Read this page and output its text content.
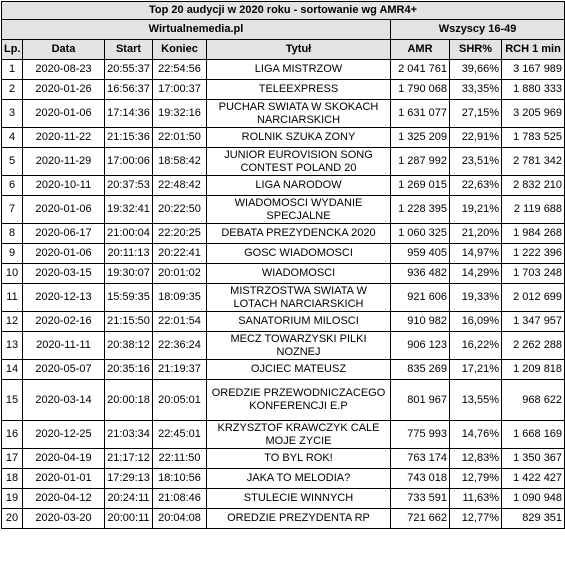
Top 20 audycji w 2020 roku - sortowanie wg AMR4+							
Wirtualnemedia.pl					Wszyscy 16-49		
Lp.	Data	Start	Koniec	Tytuł	AMR	SHR%	RCH 1 min
1	2020-08-23	20:55:37	22:54:56	LIGA MISTRZOW	2 041 761	39,66%	3 167 989
2	2020-01-26	16:56:37	17:00:37	TELEEXPRESS	1 790 068	33,35%	1 880 333
3	2020-01-06	17:14:36	19:32:16	PUCHAR SWIATA W SKOKACH NARCIARSKICH	1 631 077	27,15%	3 205 969
4	2020-11-22	21:15:36	22:01:50	ROLNIK SZUKA ZONY	1 325 209	22,91%	1 783 525
5	2020-11-29	17:00:06	18:58:42	JUNIOR EUROVISION SONG CONTEST POLAND 20	1 287 992	23,51%	2 781 342
6	2020-10-11	20:37:53	22:48:42	LIGA NARODOW	1 269 015	22,63%	2 832 210
7	2020-01-06	19:32:41	20:22:50	WIADOMOSCI WYDANIE SPECJALNE	1 228 395	19,21%	2 119 688
8	2020-06-17	21:00:04	22:20:25	DEBATA PREZYDENCKA 2020	1 060 325	21,20%	1 984 268
9	2020-01-06	20:11:13	20:22:41	GOSC WIADOMOSCI	959 405	14,97%	1 222 396
10	2020-03-15	19:30:07	20:01:02	WIADOMOSCI	936 482	14,29%	1 703 248
11	2020-12-13	15:59:35	18:09:35	MISTRZOSTWA SWIATA W LOTACH NARCIARSKICH	921 606	19,33%	2 012 699
12	2020-02-16	21:15:50	22:01:54	SANATORIUM MILOSCI	910 982	16,09%	1 347 957
13	2020-11-11	20:38:12	22:36:24	MECZ TOWARZYSKI PILKI NOZNEJ	906 123	16,22%	2 262 288
14	2020-05-07	20:35:16	21:19:37	OJCIEC MATEUSZ	835 269	17,21%	1 209 818
15	2020-03-14	20:00:18	20:05:01	OREDZIE PRZEWODNICZACEGO KONFERENCJI E.P	801 967	13,55%	968 622
16	2020-12-25	21:03:34	22:45:01	KRZYSZTOF KRAWCZYK CALE MOJE ZYCIE	775 993	14,76%	1 668 169
17	2020-04-19	21:17:12	22:11:50	TO BYL ROK!	763 174	12,83%	1 350 367
18	2020-01-01	17:29:13	18:10:56	JAKA TO MELODIA?	743 018	12,79%	1 422 427
19	2020-04-12	20:24:11	21:08:46	STULECIE WINNYCH	733 591	11,63%	1 090 948
20	2020-03-20	20:00:11	20:04:08	OREDZIE PREZYDENTA RP	721 662	12,77%	829 351
